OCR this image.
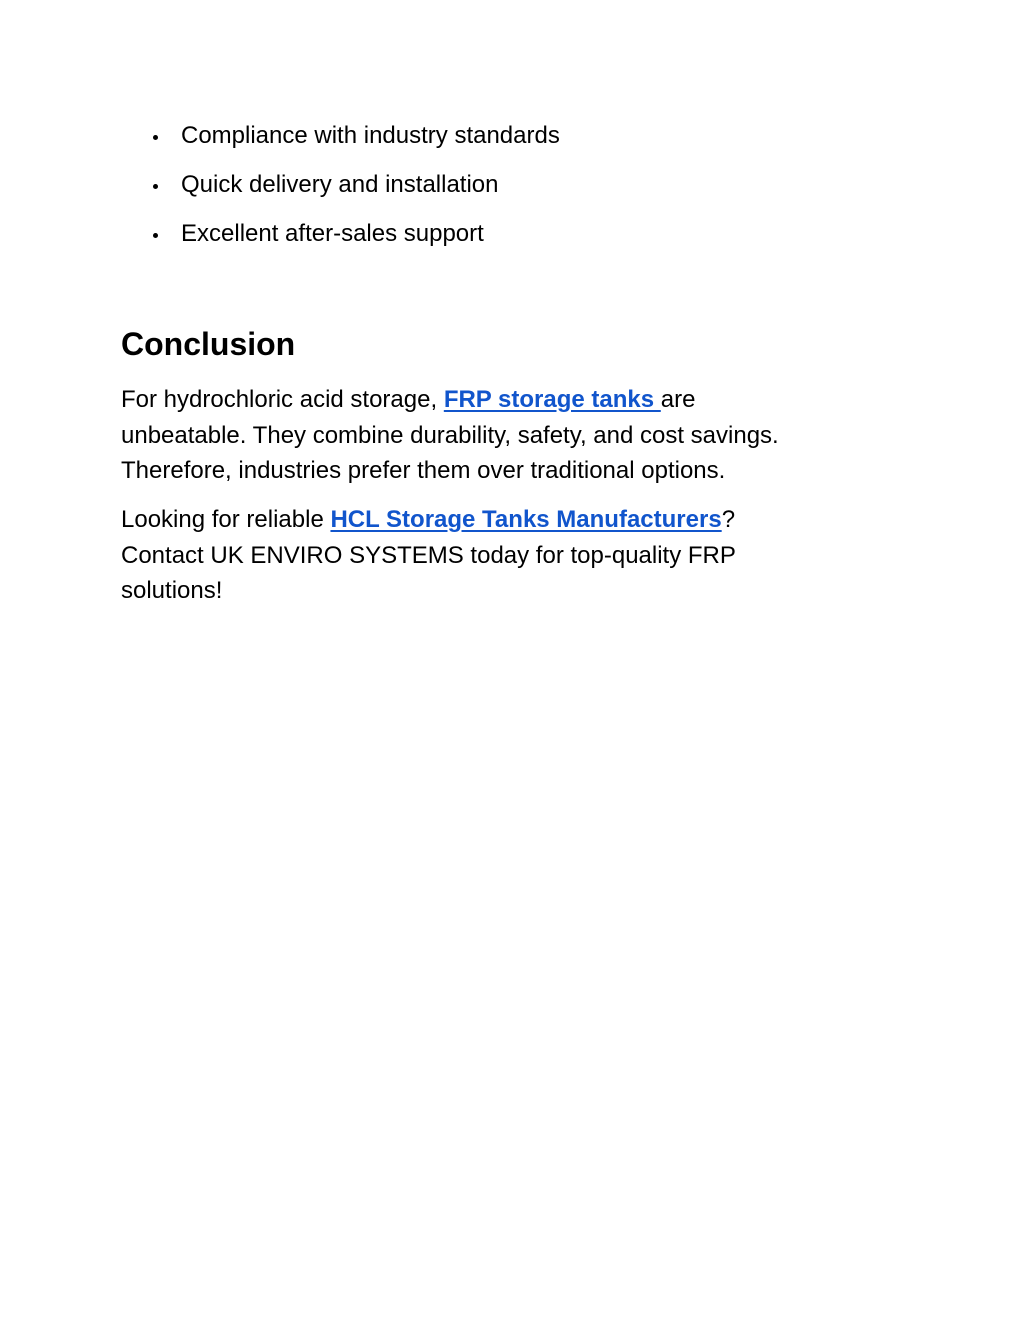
Compliance with industry standards
Quick delivery and installation
Excellent after-sales support
Conclusion

For hydrochloric acid storage, FRP storage tanks are
unbeatable. They combine durability, safety, and cost savings.
Therefore, industries prefer them over traditional options.

Looking for reliable HCL Storage Tanks Manufacturers?
Contact UK ENVIRO SYSTEMS today for top-quality FRP
solutions!
